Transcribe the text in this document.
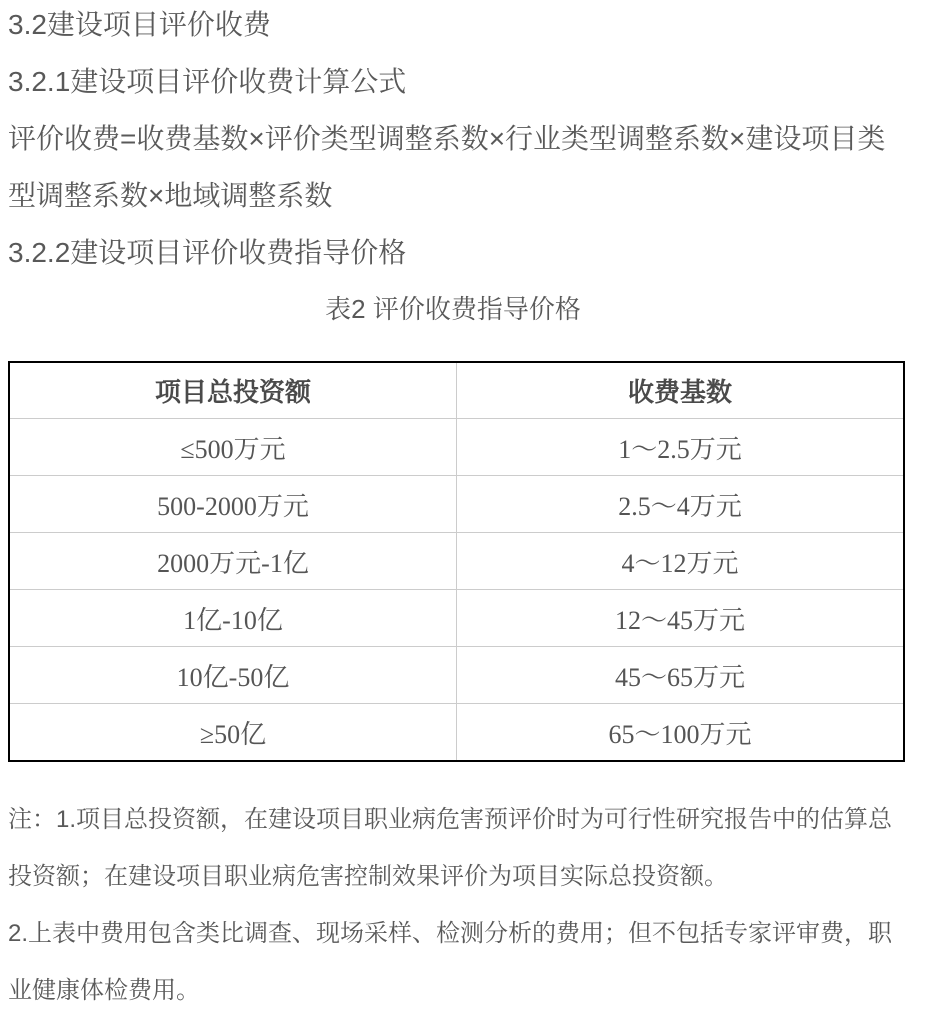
3.2建设项目评价收费

3.2.1建设项目评价收费计算公式

评价收费=收费基数×评价类型调整系数×行业类型调整系数×建设项目类型调整系数×地域调整系数

3.2.2建设项目评价收费指导价格

表2 评价收费指导价格

项目总投资额	收费基数
≤500万元	1～2.5万元
500-2000万元	2.5～4万元
2000万元-1亿	4～12万元
1亿-10亿	12～45万元
10亿-50亿	45～65万元
≥50亿	65～100万元

注：1.项目总投资额，在建设项目职业病危害预评价时为可行性研究报告中的估算总投资额；在建设项目职业病危害控制效果评价为项目实际总投资额。

2.上表中费用包含类比调查、现场采样、检测分析的费用；但不包括专家评审费，职业健康体检费用。
